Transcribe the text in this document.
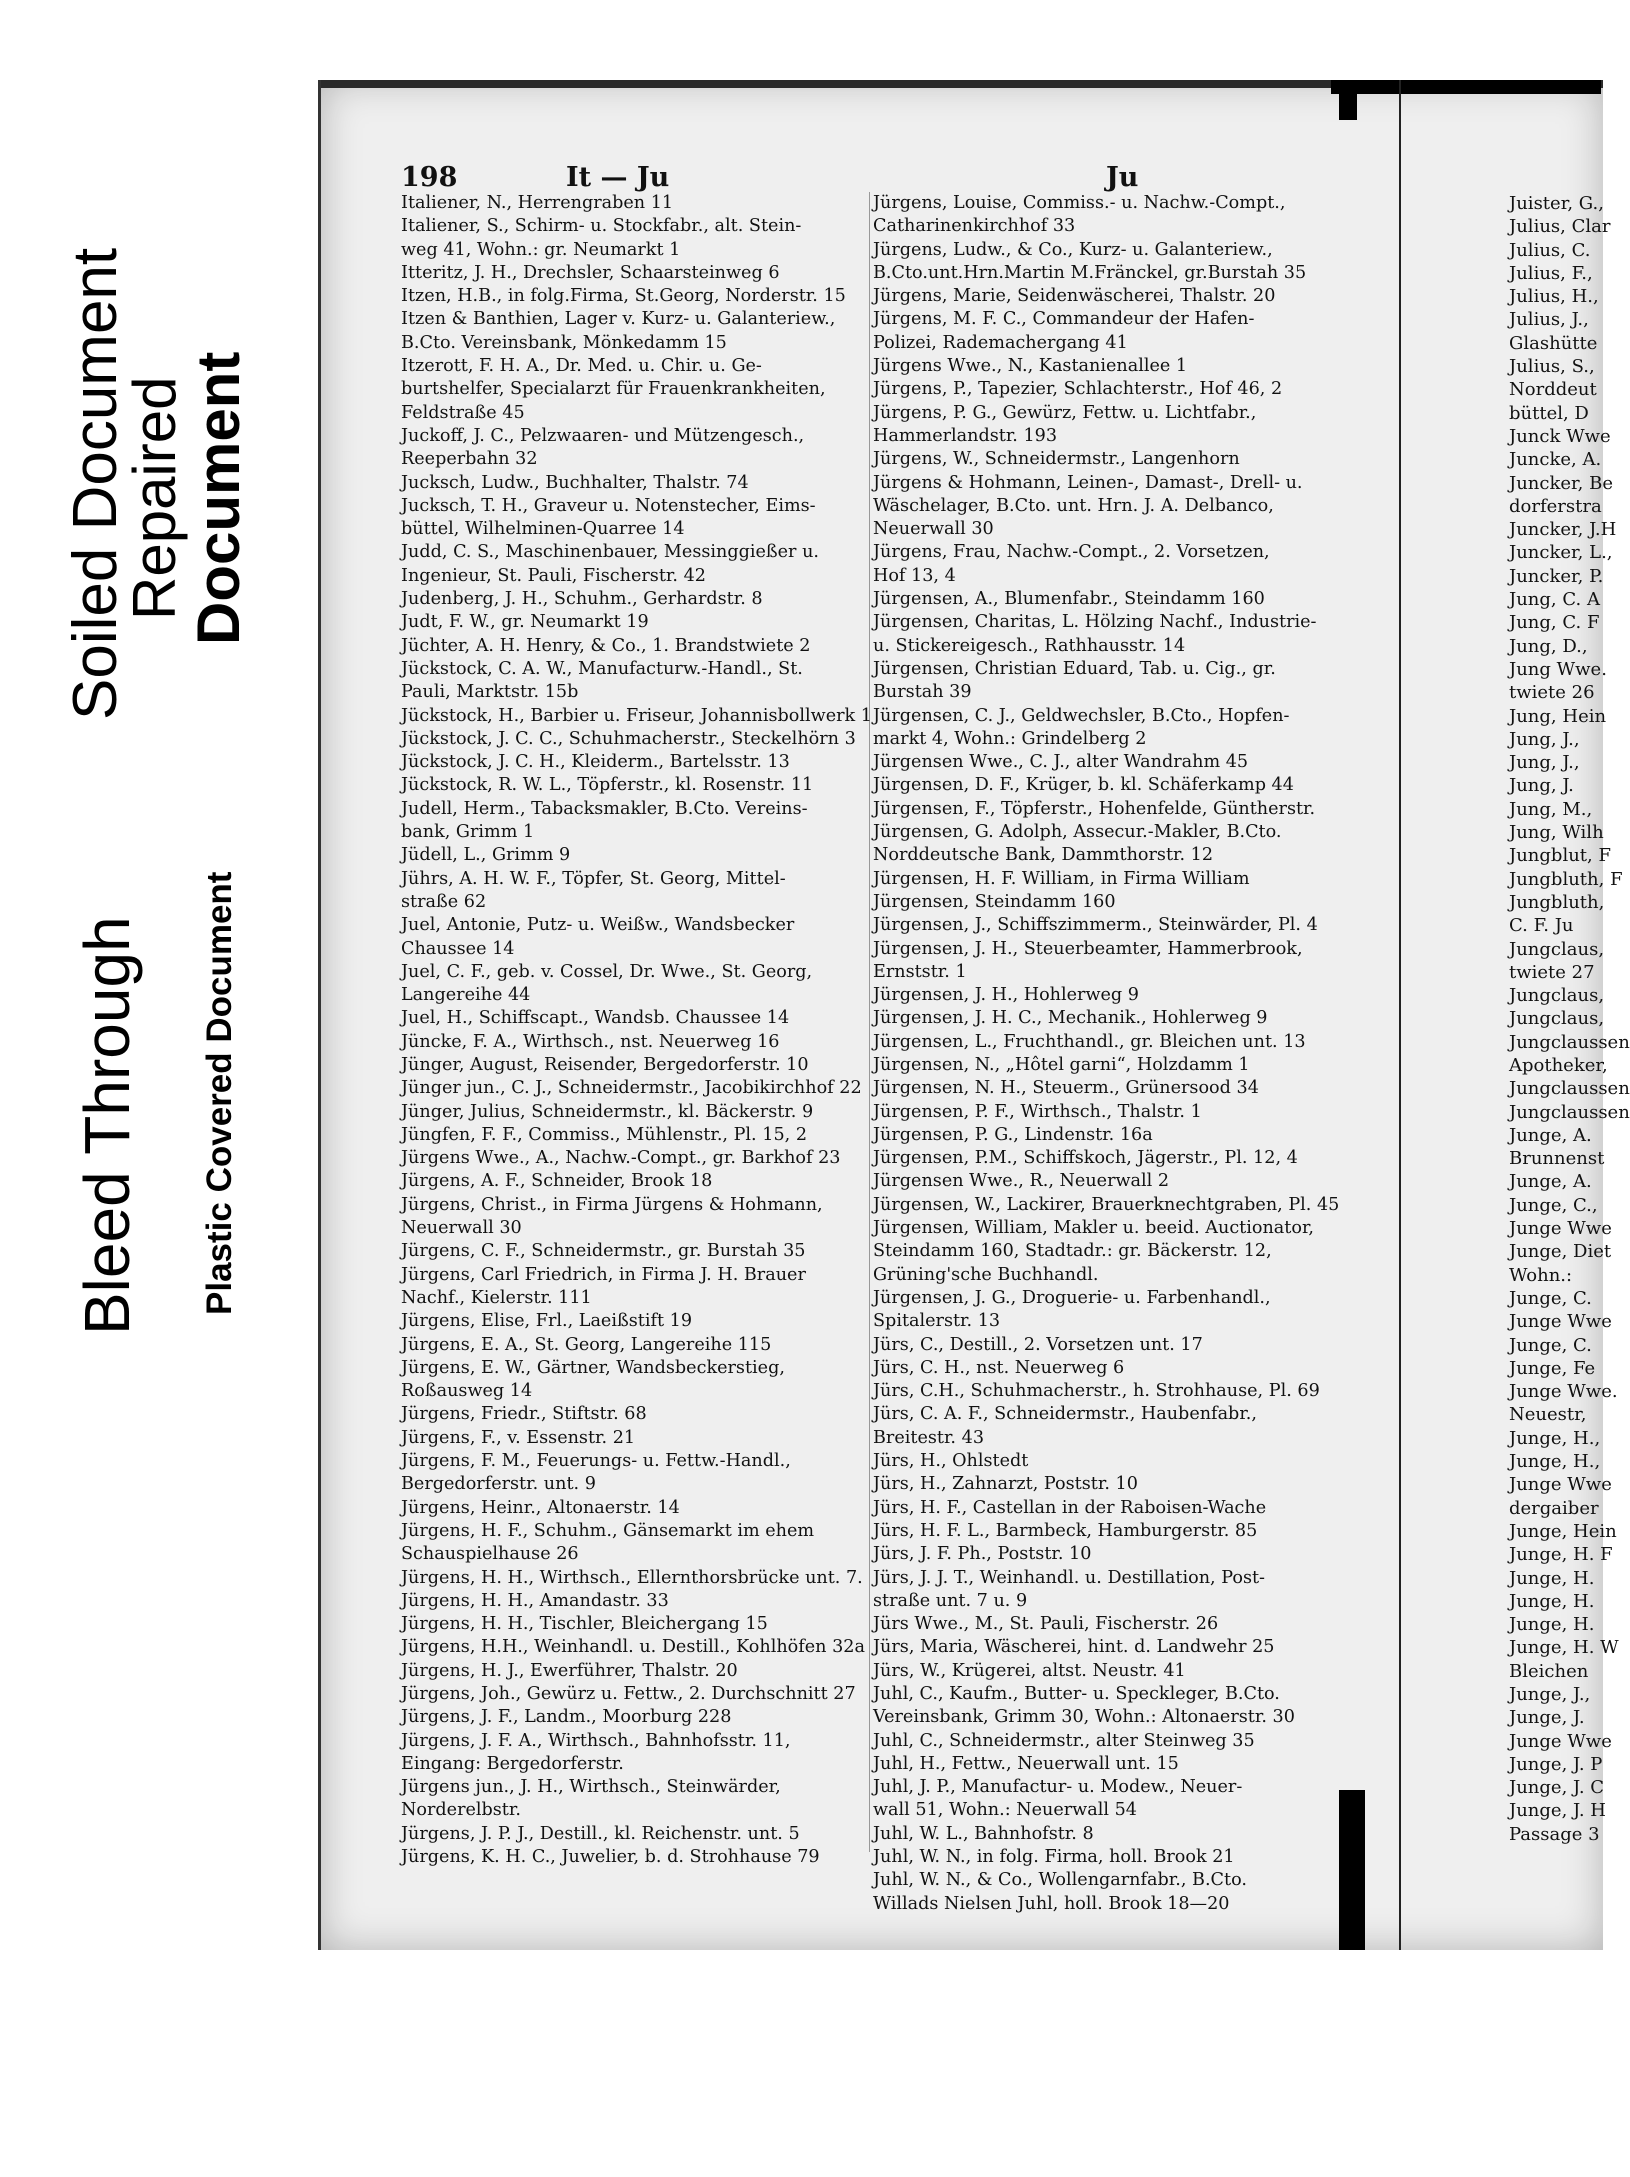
Bleed Through
Soiled Document
Repaired
Plastic Covered Document
Document
198	It — Ju	Ju
Italiener, N., Herrengraben 11
Italiener, S., Schirm- u. Stockfabr., alt. Stein-
weg 41, Wohn.: gr. Neumarkt 1
Itteritz, J. H., Drechsler, Schaarsteinweg 6
Itzen, H.B., in folg.Firma, St.Georg, Norderstr. 15
Itzen & Banthien, Lager v. Kurz- u. Galanteriew.,
B.Cto. Vereinsbank, Mönkedamm 15
Itzerott, F. H. A., Dr. Med. u. Chir. u. Ge-
burtshelfer, Specialarzt für Frauenkrankheiten,
Feldstraße 45
Juckoff, J. C., Pelzwaaren- und Mützengesch.,
Reeperbahn 32
Jucksch, Ludw., Buchhalter, Thalstr. 74
Jucksch, T. H., Graveur u. Notenstecher, Eims-
büttel, Wilhelminen-Quarree 14
Judd, C. S., Maschinenbauer, Messinggießer u.
Ingenieur, St. Pauli, Fischerstr. 42
Judenberg, J. H., Schuhm., Gerhardstr. 8
Judt, F. W., gr. Neumarkt 19
Jüchter, A. H. Henry, & Co., 1. Brandstwiete 2
Jückstock, C. A. W., Manufacturw.-Handl., St.
Pauli, Marktstr. 15b
Jückstock, H., Barbier u. Friseur, Johannisbollwerk 1
Jückstock, J. C. C., Schuhmacherstr., Steckelhörn 3
Jückstock, J. C. H., Kleiderm., Bartelsstr. 13
Jückstock, R. W. L., Töpferstr., kl. Rosenstr. 11
Judell, Herm., Tabacksmakler, B.Cto. Vereins-
bank, Grimm 1
Jüdell, L., Grimm 9
Jührs, A. H. W. F., Töpfer, St. Georg, Mittel-
straße 62
Juel, Antonie, Putz- u. Weißw., Wandsbecker
Chaussee 14
Juel, C. F., geb. v. Cossel, Dr. Wwe., St. Georg,
Langereihe 44
Juel, H., Schiffscapt., Wandsb. Chaussee 14
Jüncke, F. A., Wirthsch., nst. Neuerweg 16
Jünger, August, Reisender, Bergedorferstr. 10
Jünger jun., C. J., Schneidermstr., Jacobikirchhof 22
Jünger, Julius, Schneidermstr., kl. Bäckerstr. 9
Jüngfen, F. F., Commiss., Mühlenstr., Pl. 15, 2
Jürgens Wwe., A., Nachw.-Compt., gr. Barkhof 23
Jürgens, A. F., Schneider, Brook 18
Jürgens, Christ., in Firma Jürgens & Hohmann,
Neuerwall 30
Jürgens, C. F., Schneidermstr., gr. Burstah 35
Jürgens, Carl Friedrich, in Firma J. H. Brauer
Nachf., Kielerstr. 111
Jürgens, Elise, Frl., Laeißstift 19
Jürgens, E. A., St. Georg, Langereihe 115
Jürgens, E. W., Gärtner, Wandsbeckerstieg,
Roßausweg 14
Jürgens, Friedr., Stiftstr. 68
Jürgens, F., v. Essenstr. 21
Jürgens, F. M., Feuerungs- u. Fettw.-Handl.,
Bergedorferstr. unt. 9
Jürgens, Heinr., Altonaerstr. 14
Jürgens, H. F., Schuhm., Gänsemarkt im ehem
Schauspielhause 26
Jürgens, H. H., Wirthsch., Ellernthorsbrücke unt. 7.
Jürgens, H. H., Amandastr. 33
Jürgens, H. H., Tischler, Bleichergang 15
Jürgens, H.H., Weinhandl. u. Destill., Kohlhöfen 32a
Jürgens, H. J., Ewerführer, Thalstr. 20
Jürgens, Joh., Gewürz u. Fettw., 2. Durchschnitt 27
Jürgens, J. F., Landm., Moorburg 228
Jürgens, J. F. A., Wirthsch., Bahnhofsstr. 11,
Eingang: Bergedorferstr.
Jürgens jun., J. H., Wirthsch., Steinwärder,
Norderelbstr.
Jürgens, J. P. J., Destill., kl. Reichenstr. unt. 5
Jürgens, K. H. C., Juwelier, b. d. Strohhause 79
Jürgens, Louise, Commiss.- u. Nachw.-Compt.,
Catharinenkirchhof 33
Jürgens, Ludw., & Co., Kurz- u. Galanteriew.,
B.Cto.unt.Hrn.Martin M.Fränckel, gr.Burstah 35
Jürgens, Marie, Seidenwäscherei, Thalstr. 20
Jürgens, M. F. C., Commandeur der Hafen-
Polizei, Rademachergang 41
Jürgens Wwe., N., Kastanienallee 1
Jürgens, P., Tapezier, Schlachterstr., Hof 46, 2
Jürgens, P. G., Gewürz, Fettw. u. Lichtfabr.,
Hammerlandstr. 193
Jürgens, W., Schneidermstr., Langenhorn
Jürgens & Hohmann, Leinen-, Damast-, Drell- u.
Wäschelager, B.Cto. unt. Hrn. J. A. Delbanco,
Neuerwall 30
Jürgens, Frau, Nachw.-Compt., 2. Vorsetzen,
Hof 13, 4
Jürgensen, A., Blumenfabr., Steindamm 160
Jürgensen, Charitas, L. Hölzing Nachf., Industrie-
u. Stickereigesch., Rathhausstr. 14
Jürgensen, Christian Eduard, Tab. u. Cig., gr.
Burstah 39
Jürgensen, C. J., Geldwechsler, B.Cto., Hopfen-
markt 4, Wohn.: Grindelberg 2
Jürgensen Wwe., C. J., alter Wandrahm 45
Jürgensen, D. F., Krüger, b. kl. Schäferkamp 44
Jürgensen, F., Töpferstr., Hohenfelde, Güntherstr.
Jürgensen, G. Adolph, Assecur.-Makler, B.Cto.
Norddeutsche Bank, Dammthorstr. 12
Jürgensen, H. F. William, in Firma William
Jürgensen, Steindamm 160
Jürgensen, J., Schiffszimmerm., Steinwärder, Pl. 4
Jürgensen, J. H., Steuerbeamter, Hammerbrook,
Ernststr. 1
Jürgensen, J. H., Hohlerweg 9
Jürgensen, J. H. C., Mechanik., Hohlerweg 9
Jürgensen, L., Fruchthandl., gr. Bleichen unt. 13
Jürgensen, N., „Hôtel garni“, Holzdamm 1
Jürgensen, N. H., Steuerm., Grünersood 34
Jürgensen, P. F., Wirthsch., Thalstr. 1
Jürgensen, P. G., Lindenstr. 16a
Jürgensen, P.M., Schiffskoch, Jägerstr., Pl. 12, 4
Jürgensen Wwe., R., Neuerwall 2
Jürgensen, W., Lackirer, Brauerknechtgraben, Pl. 45
Jürgensen, William, Makler u. beeid. Auctionator,
Steindamm 160, Stadtadr.: gr. Bäckerstr. 12,
Grüning'sche Buchhandl.
Jürgensen, J. G., Droguerie- u. Farbenhandl.,
Spitalerstr. 13
Jürs, C., Destill., 2. Vorsetzen unt. 17
Jürs, C. H., nst. Neuerweg 6
Jürs, C.H., Schuhmacherstr., h. Strohhause, Pl. 69
Jürs, C. A. F., Schneidermstr., Haubenfabr.,
Breitestr. 43
Jürs, H., Ohlstedt
Jürs, H., Zahnarzt, Poststr. 10
Jürs, H. F., Castellan in der Raboisen-Wache
Jürs, H. F. L., Barmbeck, Hamburgerstr. 85
Jürs, J. F. Ph., Poststr. 10
Jürs, J. J. T., Weinhandl. u. Destillation, Post-
straße unt. 7 u. 9
Jürs Wwe., M., St. Pauli, Fischerstr. 26
Jürs, Maria, Wäscherei, hint. d. Landwehr 25
Jürs, W., Krügerei, altst. Neustr. 41
Juhl, C., Kaufm., Butter- u. Speckleger, B.Cto.
Vereinsbank, Grimm 30, Wohn.: Altonaerstr. 30
Juhl, C., Schneidermstr., alter Steinweg 35
Juhl, H., Fettw., Neuerwall unt. 15
Juhl, J. P., Manufactur- u. Modew., Neuer-
wall 51, Wohn.: Neuerwall 54
Juhl, W. L., Bahnhofstr. 8
Juhl, W. N., in folg. Firma, holl. Brook 21
Juhl, W. N., & Co., Wollengarnfabr., B.Cto.
Willads Nielsen Juhl, holl. Brook 18—20
Juister, G.,
Julius, Clar
Julius, C.
Julius, F.,
Julius, H.,
Julius, J.,
Glashütte
Julius, S.,
Norddeut
büttel, D
Junck Wwe
Juncke, A.
Juncker, Be
dorferstra
Juncker, J.H
Juncker, L.,
Juncker, P.
Jung, C. A
Jung, C. F
Jung, D.,
Jung Wwe.
twiete 26
Jung, Hein
Jung, J.,
Jung, J.,
Jung, J.
Jung, M.,
Jung, Wilh
Jungblut, F
Jungbluth, F
Jungbluth,
C. F. Ju
Jungclaus,
twiete 27
Jungclaus,
Jungclaus,
Jungclaussen
Apotheker,
Jungclaussen
Jungclaussen
Junge, A.
Brunnenst
Junge, A.
Junge, C.,
Junge Wwe
Junge, Diet
Wohn.:
Junge, C.
Junge Wwe
Junge, C.
Junge, Fe
Junge Wwe.
Neuestr,
Junge, H.,
Junge, H.,
Junge Wwe
dergaiber
Junge, Hein
Junge, H. F
Junge, H.
Junge, H.
Junge, H.
Junge, H. W
Bleichen
Junge, J.,
Junge, J.
Junge Wwe
Junge, J. P
Junge, J. C
Junge, J. H
Passage 3
